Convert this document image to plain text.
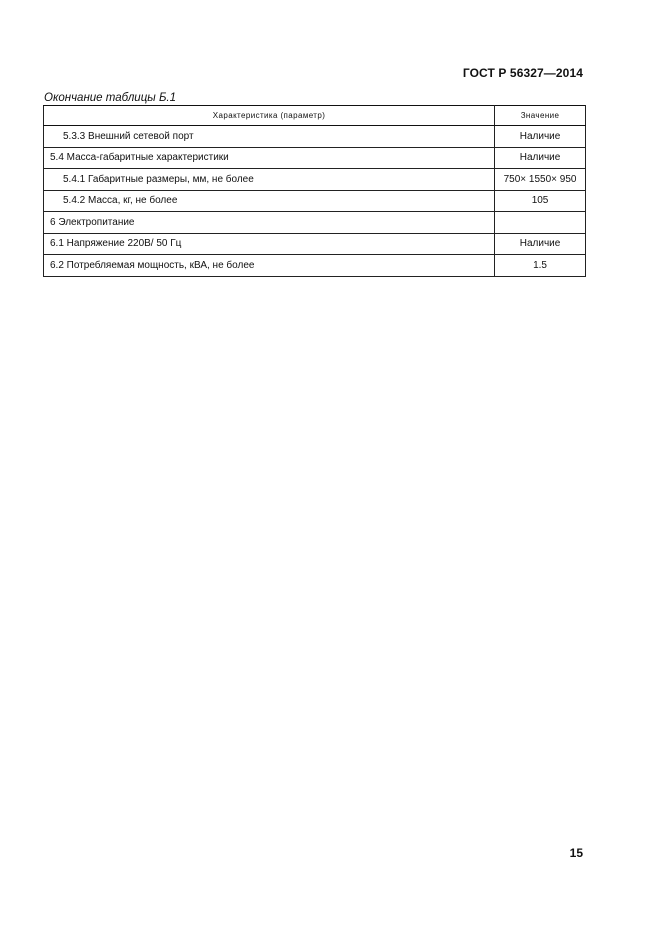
ГОСТ Р 56327—2014
Окончание таблицы Б.1
Характеристика (параметр)	Значение
5.3.3 Внешний сетевой порт	Наличие
5.4 Масса-габаритные характеристики	Наличие
5.4.1 Габаритные размеры, мм, не более	750× 1550× 950
5.4.2 Масса, кг, не более	105
6 Электропитание	
6.1 Напряжение 220В/ 50 Гц	Наличие
6.2 Потребляемая мощность, кВА, не более	1.5
15
